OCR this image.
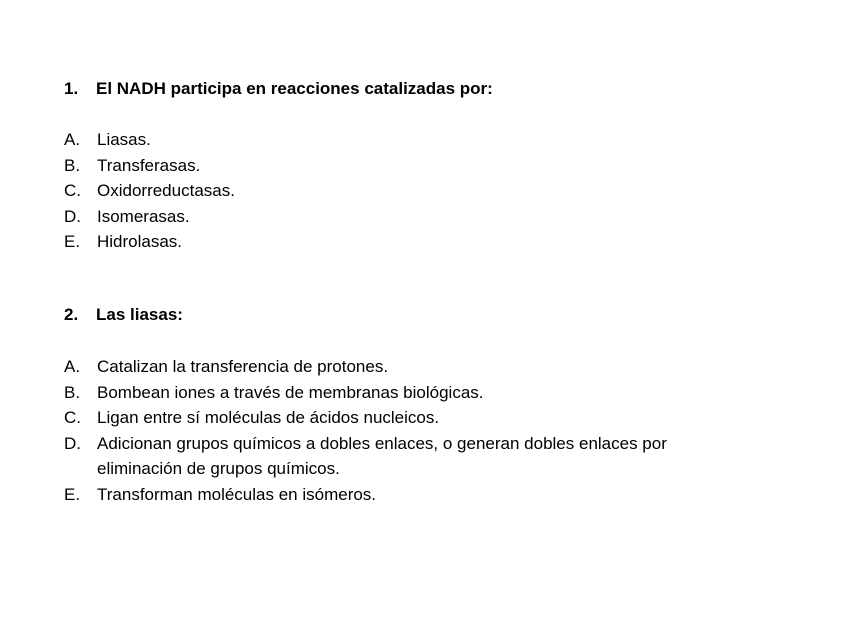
1. El NADH participa en reacciones catalizadas por:
A. Liasas.
B. Transferasas.
C. Oxidorreductasas.
D. Isomerasas.
E. Hidrolasas.
2. Las liasas:
A. Catalizan la transferencia de protones.
B. Bombean iones a través de membranas biológicas.
C. Ligan entre sí moléculas de ácidos nucleicos.
D. Adicionan grupos químicos a dobles enlaces, o generan dobles enlaces por eliminación de grupos químicos.
E. Transforman moléculas en isómeros.
